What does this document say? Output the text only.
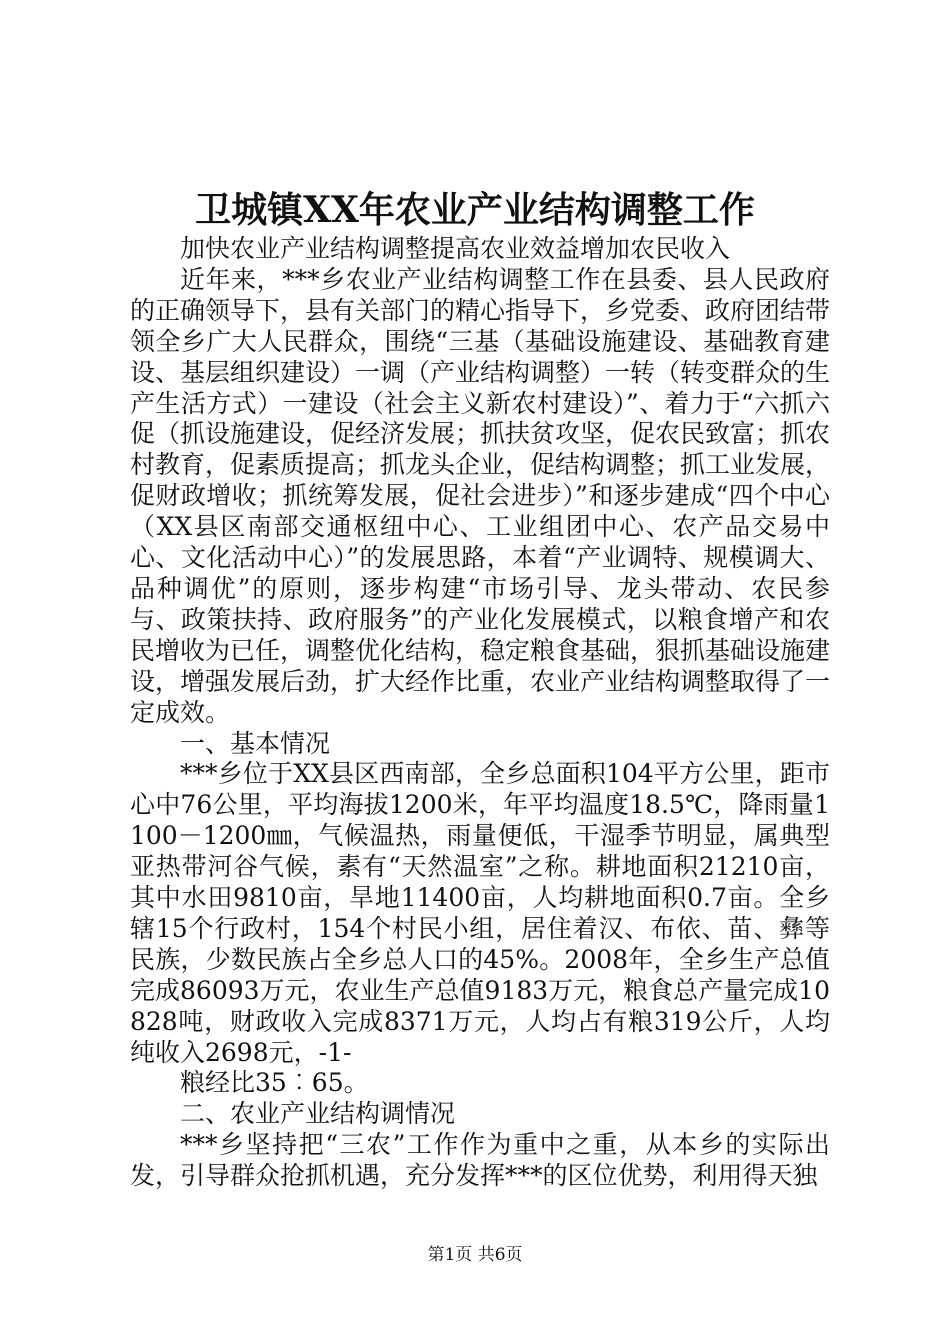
卫城镇XX年农业产业结构调整工作

加快农业产业结构调整提高农业效益增加农民收入

近年来，***乡农业产业结构调整工作在县委、县人民政府的正确领导下，县有关部门的精心指导下，乡党委、政府团结带领全乡广大人民群众，围绕“三基（基础设施建设、基础教育建设、基层组织建设）一调（产业结构调整）一转（转变群众的生产生活方式）一建设（社会主义新农村建设）”、着力于“六抓六促（抓设施建设，促经济发展；抓扶贫攻坚，促农民致富；抓农村教育，促素质提高；抓龙头企业，促结构调整；抓工业发展，促财政增收；抓统筹发展，促社会进步）”和逐步建成“四个中心（XX县区南部交通枢纽中心、工业组团中心、农产品交易中心、文化活动中心）”的发展思路，本着“产业调特、规模调大、品种调优”的原则，逐步构建“市场引导、龙头带动、农民参与、政策扶持、政府服务”的产业化发展模式，以粮食增产和农民增收为已任，调整优化结构，稳定粮食基础，狠抓基础设施建设，增强发展后劲，扩大经作比重，农业产业结构调整取得了一定成效。

一、基本情况

***乡位于XX县区西南部，全乡总面积104平方公里，距市心中76公里，平均海拔1200米，年平均温度18.5℃，降雨量1100－1200㎜，气候温热，雨量便低，干湿季节明显，属典型亚热带河谷气候，素有“天然温室”之称。耕地面积21210亩，其中水田9810亩，旱地11400亩，人均耕地面积0.7亩。全乡辖15个行政村，154个村民小组，居住着汉、布依、苗、彝等民族，少数民族占全乡总人口的45%。2008年，全乡生产总值完成86093万元，农业生产总值9183万元，粮食总产量完成10828吨，财政收入完成8371万元，人均占有粮319公斤，人均纯收入2698元，-1-

粮经比35︰65。

二、农业产业结构调情况

***乡坚持把“三农”工作作为重中之重，从本乡的实际出发，引导群众抢抓机遇，充分发挥***的区位优势，利用得天独

第1页 共6页
